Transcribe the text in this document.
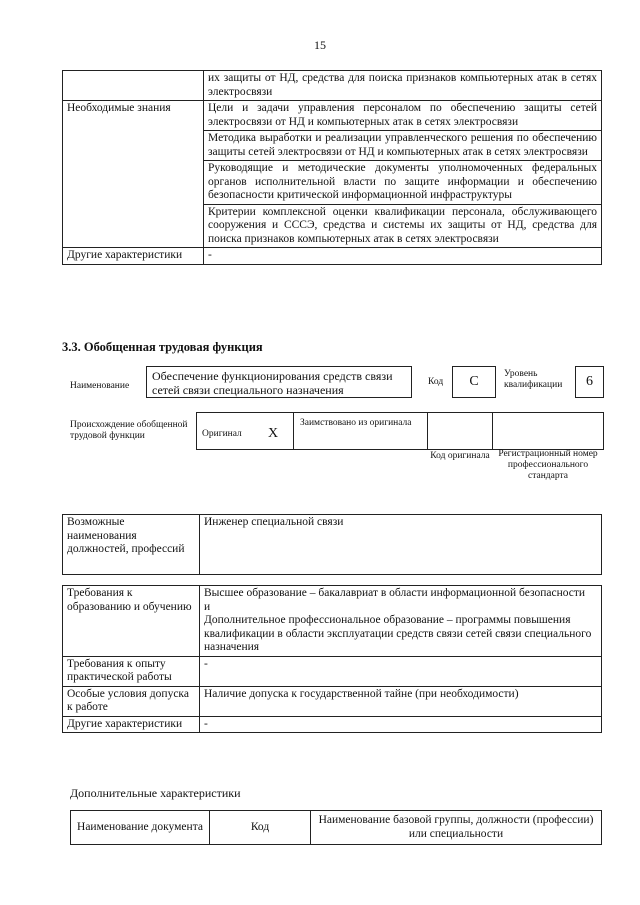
15
	их защиты от НД, средства для поиска признаков компьютерных атак в сетях электросвязи
Необходимые знания	Цели и задачи управления персоналом по обеспечению защиты сетей электросвязи от НД и компьютерных атак в сетях электросвязи
	Методика выработки и реализации управленческого решения по обеспечению защиты сетей электросвязи от НД и компьютерных атак в сетях электросвязи
	Руководящие и методические документы уполномоченных федеральных органов исполнительной власти по защите информации и обеспечению безопасности критической информационной инфраструктуры
	Критерии комплексной оценки квалификации персонала, обслуживающего сооружения и СССЭ, средства и системы их защиты от НД, средства для поиска признаков компьютерных атак в сетях электросвязи
Другие характеристики	-
3.3. Обобщенная трудовая функция
Наименование
Обеспечение функционирования средств связи сетей связи специального назначения
Код	C	Уровень квалификации	6
Происхождение обобщенной трудовой функции	Оригинал X
Заимствовано из оригинала
Код оригинала Регистрационный номер профессионального стандарта
Возможные наименования должностей, профессий	Инженер специальной связи
Требования к образованию и обучению	Высшее образование – бакалавриат в области информационной безопасности
и
Дополнительное профессиональное образование – программы повышения квалификации в области эксплуатации средств связи сетей связи специального назначения
Требования к опыту практической работы	-
Особые условия допуска к работе	Наличие допуска к государственной тайне (при необходимости)
Другие характеристики	-
Дополнительные характеристики
Наименование документа	Код	Наименование базовой группы, должности (профессии) или специальности
